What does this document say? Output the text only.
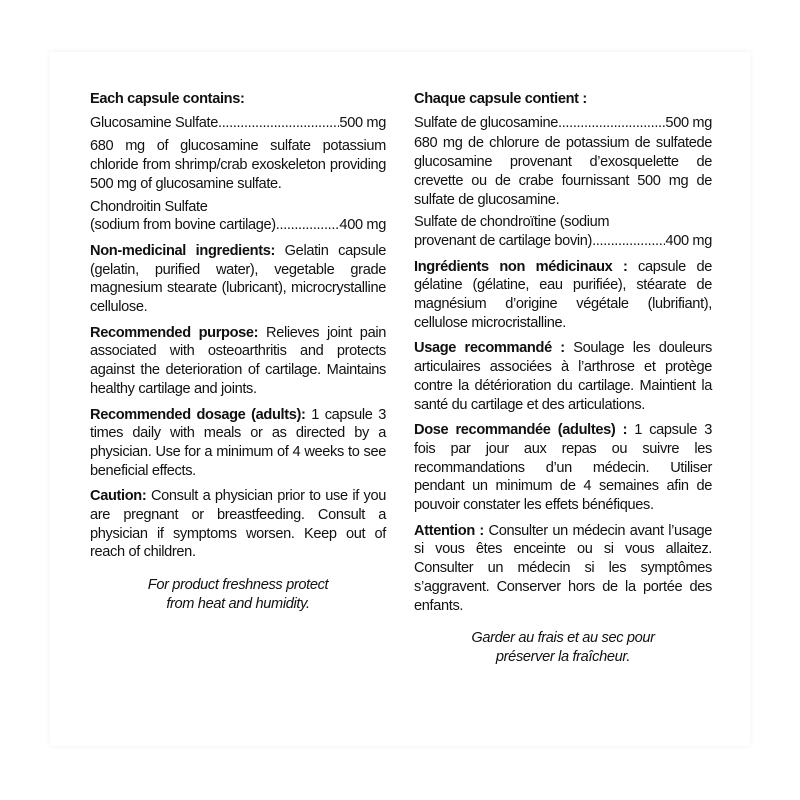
Each capsule contains:
Glucosamine Sulfate .....	500 mg

680 mg of glucosamine sulfate potassium chloride from shrimp/crab exoskeleton providing 500 mg of glucosamine sulfate.

Chondroitin Sulfate
(sodium from bovine cartilage) .....	400 mg

Non-medicinal ingredients: Gelatin capsule (gelatin, purified water), vegetable grade magnesium stearate (lubricant), microcrystalline cellulose.

Recommended purpose: Relieves joint pain associated with osteoarthritis and protects against the deterioration of cartilage. Maintains healthy cartilage and joints.

Recommended dosage (adults): 1 capsule 3 times daily with meals or as directed by a physician. Use for a minimum of 4 weeks to see beneficial effects.

Caution: Consult a physician prior to use if you are pregnant or breastfeeding. Consult a physician if symptoms worsen. Keep out of reach of children.

For product freshness protect
from heat and humidity.
Chaque capsule contient :
Sulfate de glucosamine .....	500 mg

680 mg de chlorure de potassium de sulfatede glucosamine provenant d’exosquelette de crevette ou de crabe fournissant 500 mg de sulfate de glucosamine.

Sulfate de chondroïtine (sodium
provenant de cartilage bovin) .....	400 mg

Ingrédients non médicinaux : capsule de gélatine (gélatine, eau purifiée), stéarate de magnésium d’origine végétale (lubrifiant), cellulose microcristalline.

Usage recommandé : Soulage les douleurs articulaires associées à l’arthrose et protège contre la détérioration du cartilage. Maintient la santé du cartilage et des articulations.

Dose recommandée (adultes) : 1 capsule 3 fois par jour aux repas ou suivre les recommandations d’un médecin. Utiliser pendant un minimum de 4 semaines afin de pouvoir constater les effets bénéfiques.

Attention : Consulter un médecin avant l’usage si vous êtes enceinte ou si vous allaitez. Consulter un médecin si les symptômes s’aggravent. Conserver hors de la portée des enfants.

Garder au frais et au sec pour
préserver la fraîcheur.
